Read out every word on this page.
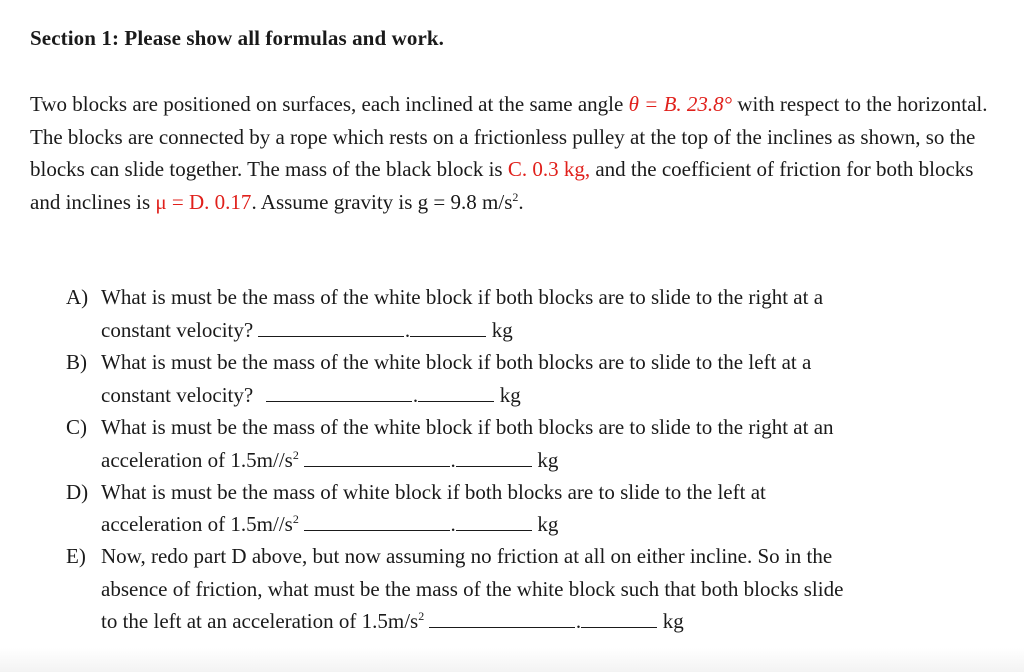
Section 1: Please show all formulas and work.
Two blocks are positioned on surfaces, each inclined at the same angle θ = B. 23.8° with respect to the horizontal. The blocks are connected by a rope which rests on a frictionless pulley at the top of the inclines as shown, so the blocks can slide together. The mass of the black block is C. 0.3 kg, and the coefficient of friction for both blocks and inclines is μ = D. 0.17. Assume gravity is g = 9.8 $m/s^2$.
A) What is must be the mass of the white block if both blocks are to slide to the right at a
constant velocity?	.	kg
B) What is must be the mass of the white block if both blocks are to slide to the left at a
constant velocity?	.	kg
C) What is must be the mass of the white block if both blocks are to slide to the right at an
acceleration of $1.5m//s^2$	.	kg
D) What is must be the mass of white block if both blocks are to slide to the left at
acceleration of $1.5m//s^2$	.	kg
E) Now, redo part D above, but now assuming no friction at all on either incline. So in the
absence of friction, what must be the mass of the white block such that both blocks slide
to the left at an acceleration of $1.5m/s^2$	.	kg
